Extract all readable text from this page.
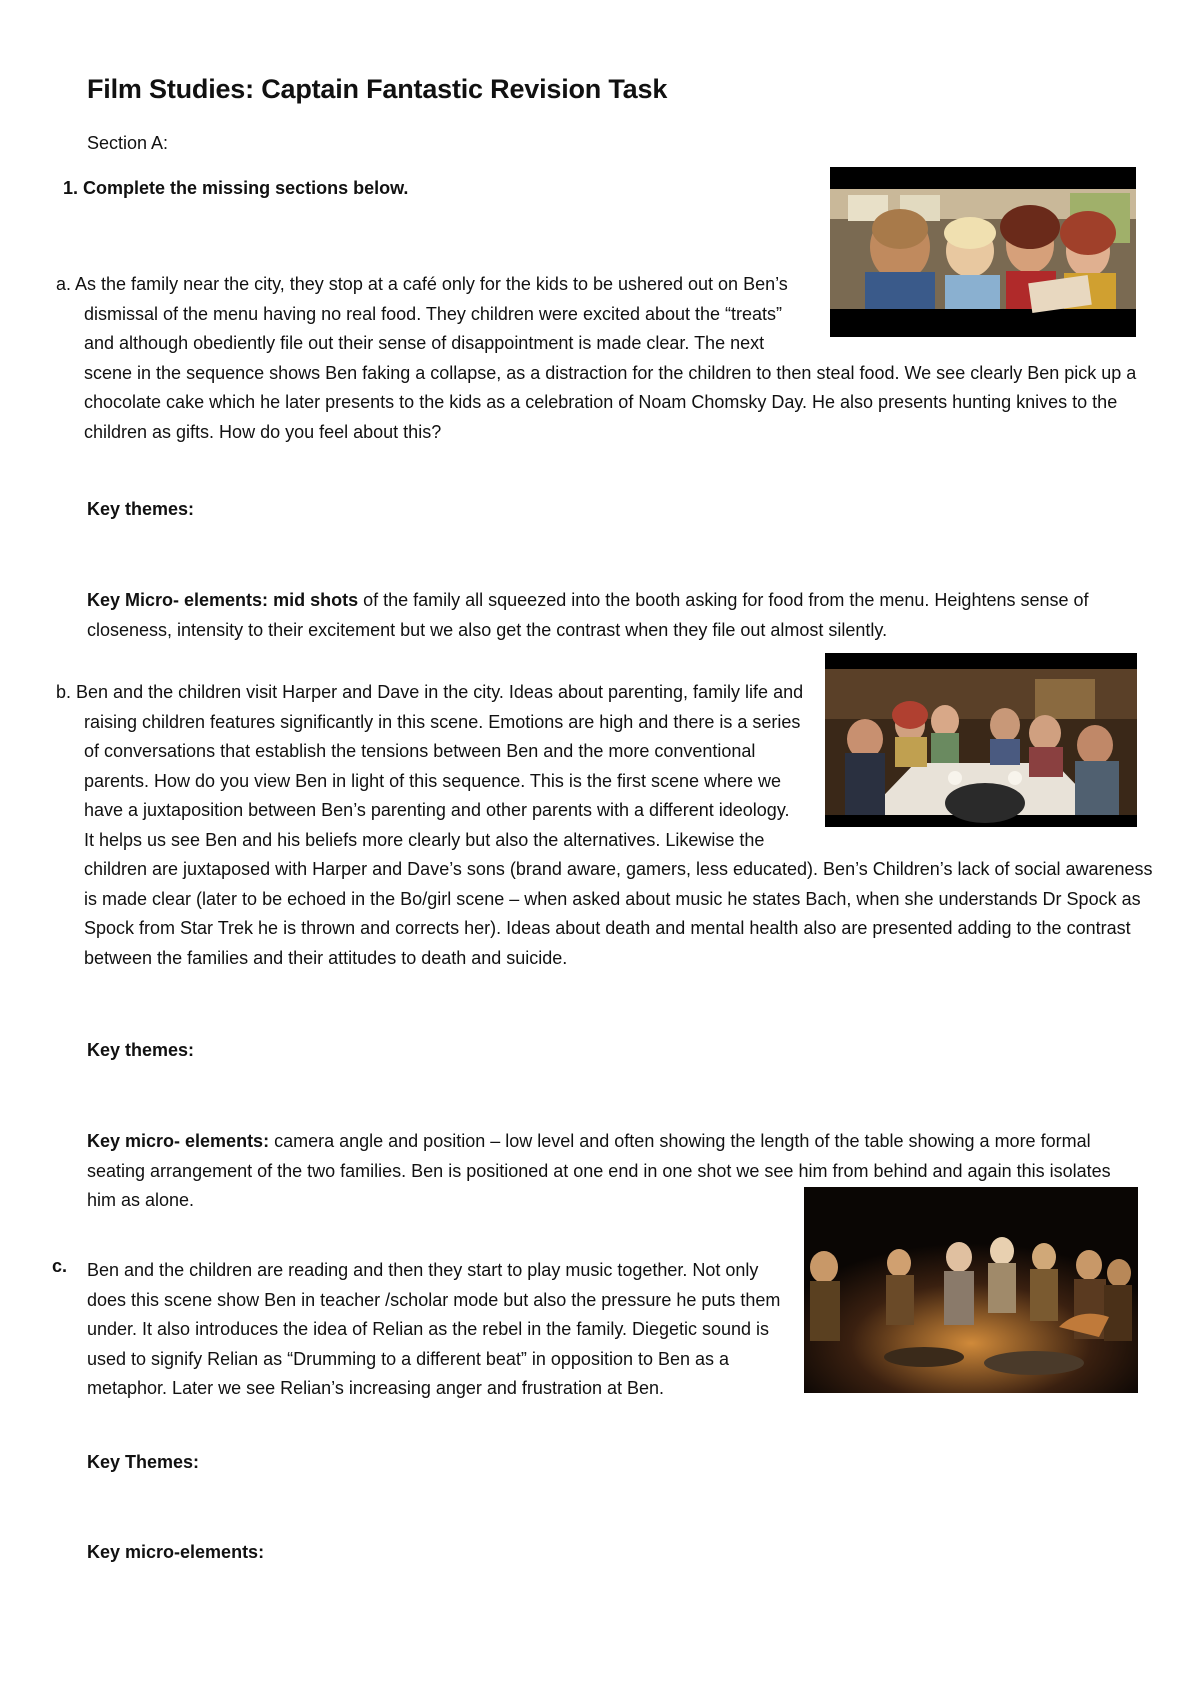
Film Studies: Captain Fantastic Revision Task
Section A:
1. Complete the missing sections below.

a. As the family near the city, they stop at a café only for the kids to be ushered out on Ben’s dismissal of the menu having no real food. They children were excited about the “treats” and although obediently file out their sense of disappointment is made clear. The next scene in the sequence shows Ben faking a collapse, as a distraction for the children to then steal food. We see clearly Ben pick up a chocolate cake which he later presents to the kids as a celebration of Noam Chomsky Day. He also presents hunting knives to the children as gifts. How do you feel about this?

Key themes:

Key Micro- elements: mid shots of the family all squeezed into the booth asking for food from the menu. Heightens sense of closeness, intensity to their excitement but we also get the contrast when they file out almost silently.

Key themes:

Key micro- elements: camera angle and position – low level and often showing the length of the table showing a more formal seating arrangement of the two families. Ben is positioned at one end in one shot we see him from behind and again this isolates him as alone.

c. Ben and the children are reading and then they start to play music together. Not only does this scene show Ben in teacher /scholar mode but also the pressure he puts them under. It also introduces the idea of Relian as the rebel in the family. Diegetic sound is used to signify Relian as “Drumming to a different beat” in opposition to Ben as a metaphor. Later we see Relian’s increasing anger and frustration at Ben.

Key Themes:
Key micro-elements:

b. Ben and the children visit Harper and Dave in the city. Ideas about parenting, family life and raising children features significantly in this scene. Emotions are high and there is a series of conversations that establish the tensions between Ben and the more conventional parents. How do you view Ben in light of this sequence. This is the first scene where we have a juxtaposition between Ben’s parenting and other parents with a different ideology. It helps us see Ben and his beliefs more clearly but also the alternatives. Likewise the children are juxtaposed with Harper and Dave’s sons (brand aware, gamers, less educated). Ben’s Children’s lack of social awareness is made clear (later to be echoed in the Bo/girl scene – when asked about music he states Bach, when she understands Dr Spock as Spock from Star Trek he is thrown and corrects her). Ideas about death and mental health also are presented adding to the contrast between the families and their attitudes to death and suicide.
